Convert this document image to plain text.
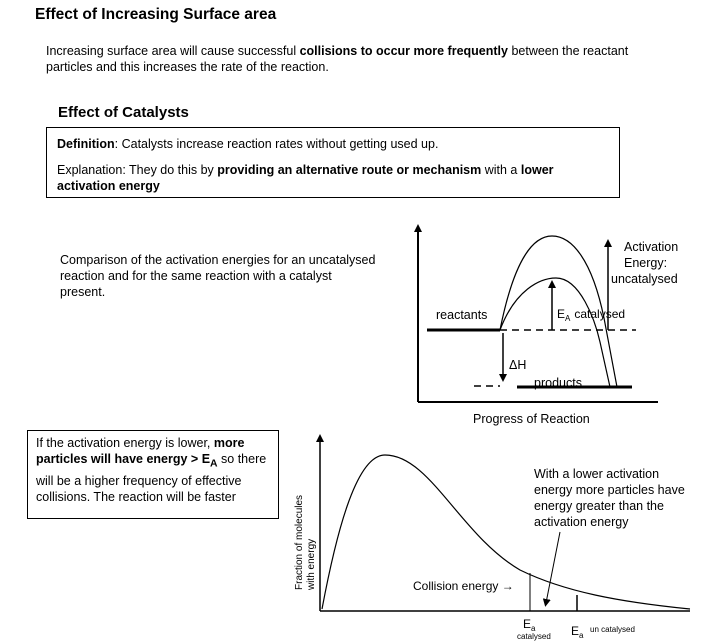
Effect of Increasing Surface area
Increasing surface area will cause successful collisions to occur more frequently between the reactant particles and this increases the rate of the reaction.
Effect of Catalysts

Definition: Catalysts increase reaction rates without getting used up.

Explanation: They do this by providing an alternative route or mechanism with a lower activation energy

Comparison of the activation energies for an uncatalysed reaction and for the same reaction with a catalyst present.
If the activation energy is lower, more particles will have energy > $E_A$ so there will be a higher frequency of effective collisions. The reaction will be faster
reactants
products
ΔH
$E_A$ catalysed
Activation
Energy:
uncatalysed
Progress of Reaction
Fraction of molecules with energy	Collision energy →
With a lower activation
energy more particles have
energy greater than the
activation energy
$E_a$
catalysed $E_a$
un catalysed
